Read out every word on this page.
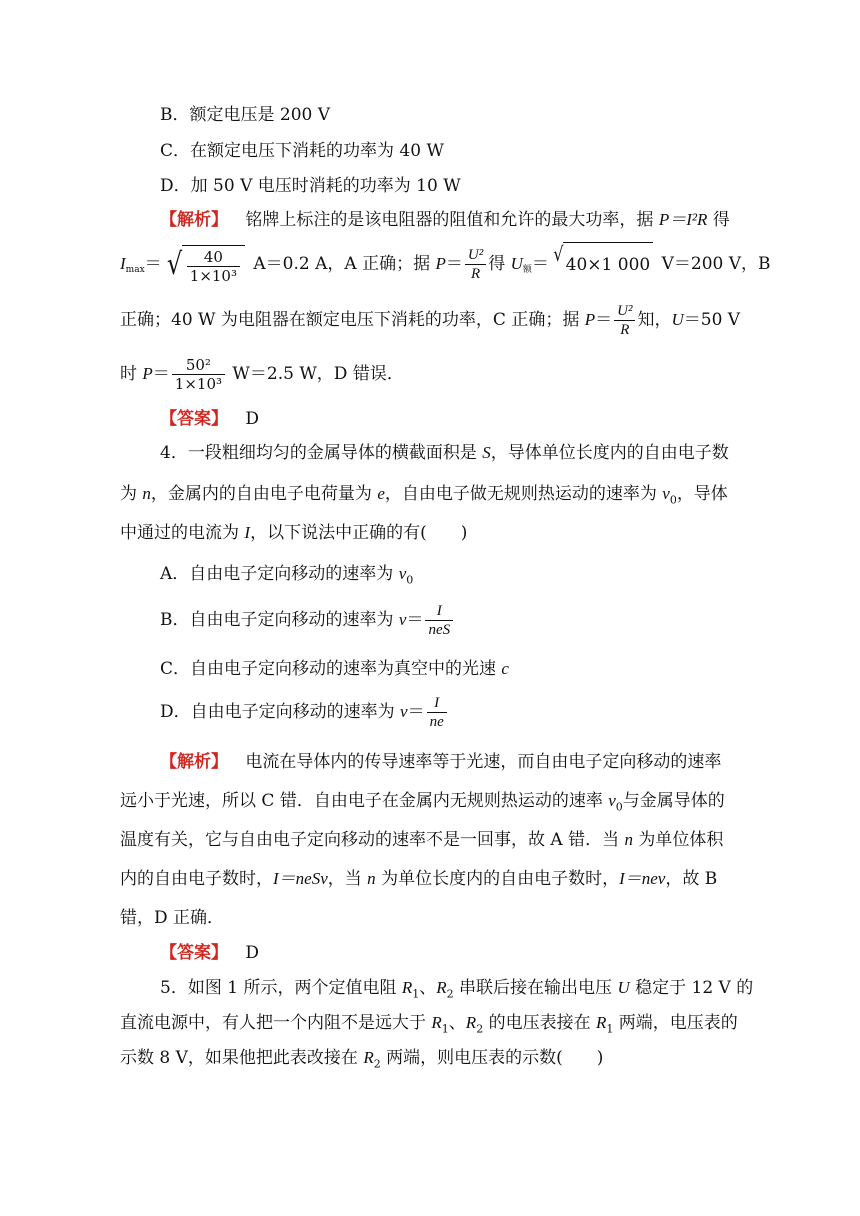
B．额定电压是 200 V
C．在额定电压下消耗的功率为 40 W
D．加 50 V 电压时消耗的功率为 10 W
【解析】 铭牌上标注的是该电阻器的阻值和允许的最大功率，据 P＝I²R 得
Imax＝ √ $\frac{40}{\text{1×10³}} A=0.2$ A，A 正确；据 $P= \frac{\text{U²}}{R}$ 得 U额＝ √ 40×1 000 V＝200 V，B
正确；40 W 为电阻器在额定电压下消耗的功率，C 正确；据 $P= \frac{\text{U²}}{R}$ 知，U＝50 V
时 $P= \frac{\text{50²}}{\text{1×10³}} W=2.5$ W，D 错误．
【答案】 D
4．一段粗细均匀的金属导体的横截面积是 S，导体单位长度内的自由电子数
为 n，金属内的自由电子电荷量为 e，自由电子做无规则热运动的速率为 $v_0$，导体
中通过的电流为 I，以下说法中正确的有(　　)
A．自由电子定向移动的速率为 $v_0$
B．自由电子定向移动的速率为 $v= \frac{I}{\text{neS}}$
C．自由电子定向移动的速率为真空中的光速 c
D．自由电子定向移动的速率为 $v= \frac{I}{ne}$
【解析】 电流在导体内的传导速率等于光速，而自由电子定向移动的速率
远小于光速，所以 C 错．自由电子在金属内无规则热运动的速率 $v_0$与金属导体的
温度有关，它与自由电子定向移动的速率不是一回事，故 A 错．当 n 为单位体积
内的自由电子数时，I＝neSv，当 n 为单位长度内的自由电子数时，I＝nev，故 B
错，D 正确．
【答案】 D
5．如图 1 所示，两个定值电阻 $R_1$、$R_2$ 串联后接在输出电压 U 稳定于 12 V 的
直流电源中，有人把一个内阻不是远大于 $R_1$、$R_2$ 的电压表接在 $R_1$ 两端，电压表的
示数 8 V，如果他把此表改接在 $R_2$ 两端，则电压表的示数(　　)
